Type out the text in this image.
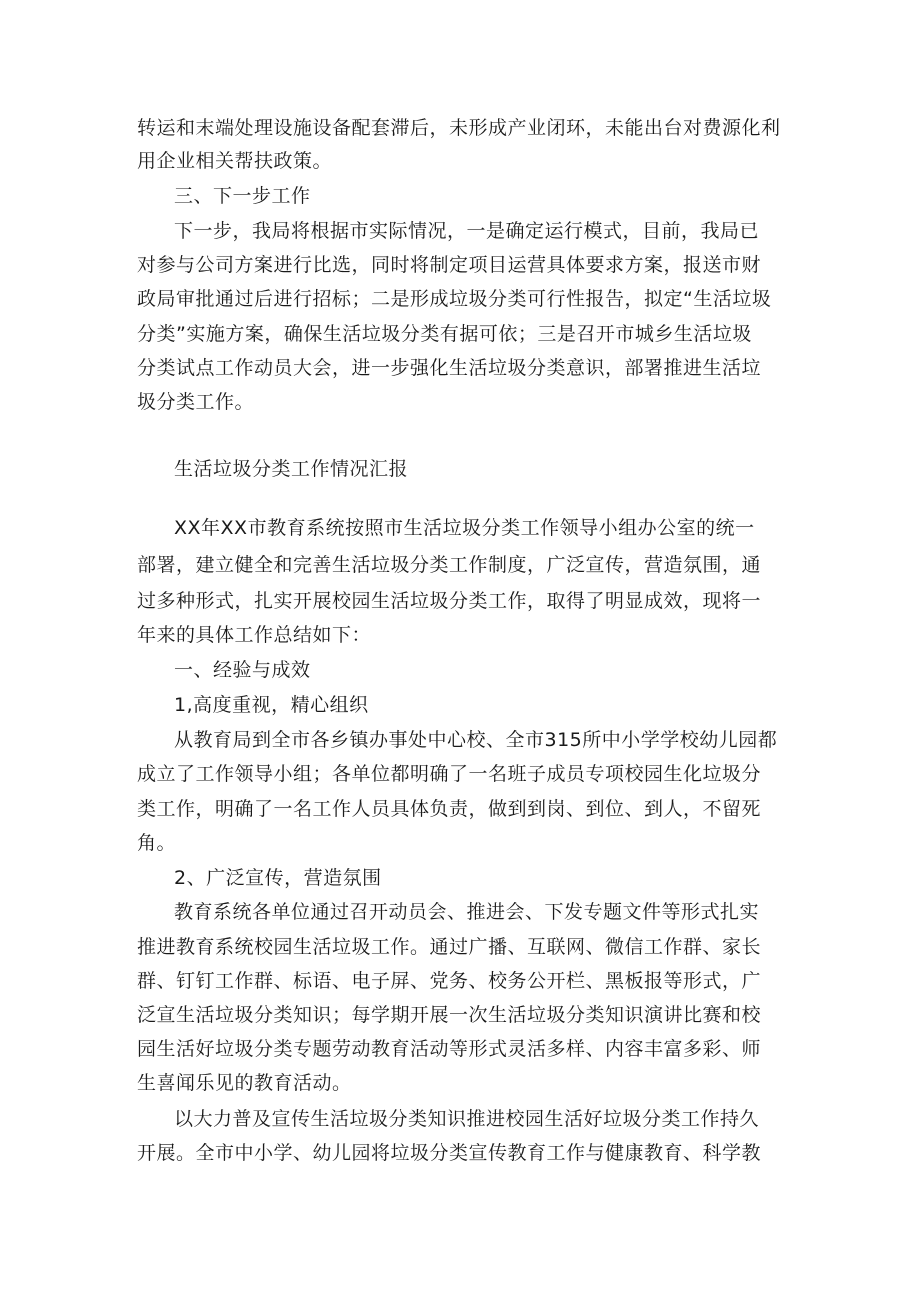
转运和末端处理设施设备配套滞后，未形成产业闭环，未能出台对费源化利
用企业相关帮扶政策。
三、下一步工作
下一步，我局将根据市实际情况，一是确定运行模式，目前，我局已
对参与公司方案进行比选，同时将制定项目运营具体要求方案，报送市财
政局审批通过后进行招标；二是形成垃圾分类可行性报告，拟定“生活垃圾
分类”实施方案，确保生活垃圾分类有据可依；三是召开市城乡生活垃圾
分类试点工作动员大会，进一步强化生活垃圾分类意识，部署推进生活垃
圾分类工作。
生活垃圾分类工作情况汇报
XX年XX市教育系统按照市生活垃圾分类工作领导小组办公室的统一
部署，建立健全和完善生活垃圾分类工作制度，广泛宣传，营造氛围，通
过多种形式，扎实开展校园生活垃圾分类工作，取得了明显成效，现将一
年来的具体工作总结如下：
一、经验与成效
1,高度重视，精心组织
从教育局到全市各乡镇办事处中心校、全市315所中小学学校幼儿园都
成立了工作领导小组；各单位都明确了一名班子成员专项校园生化垃圾分
类工作，明确了一名工作人员具体负责，做到到岗、到位、到人，不留死
角。
2、广泛宣传，营造氛围
教育系统各单位通过召开动员会、推进会、下发专题文件等形式扎实
推进教育系统校园生活垃圾工作。通过广播、互联网、微信工作群、家长
群、钉钉工作群、标语、电子屏、党务、校务公开栏、黑板报等形式，广
泛宣生活垃圾分类知识；每学期开展一次生活垃圾分类知识演讲比赛和校
园生活好垃圾分类专题劳动教育活动等形式灵活多样、内容丰富多彩、师
生喜闻乐见的教育活动。
以大力普及宣传生活垃圾分类知识推进校园生活好垃圾分类工作持久
开展。全市中小学、幼儿园将垃圾分类宣传教育工作与健康教育、科学教
